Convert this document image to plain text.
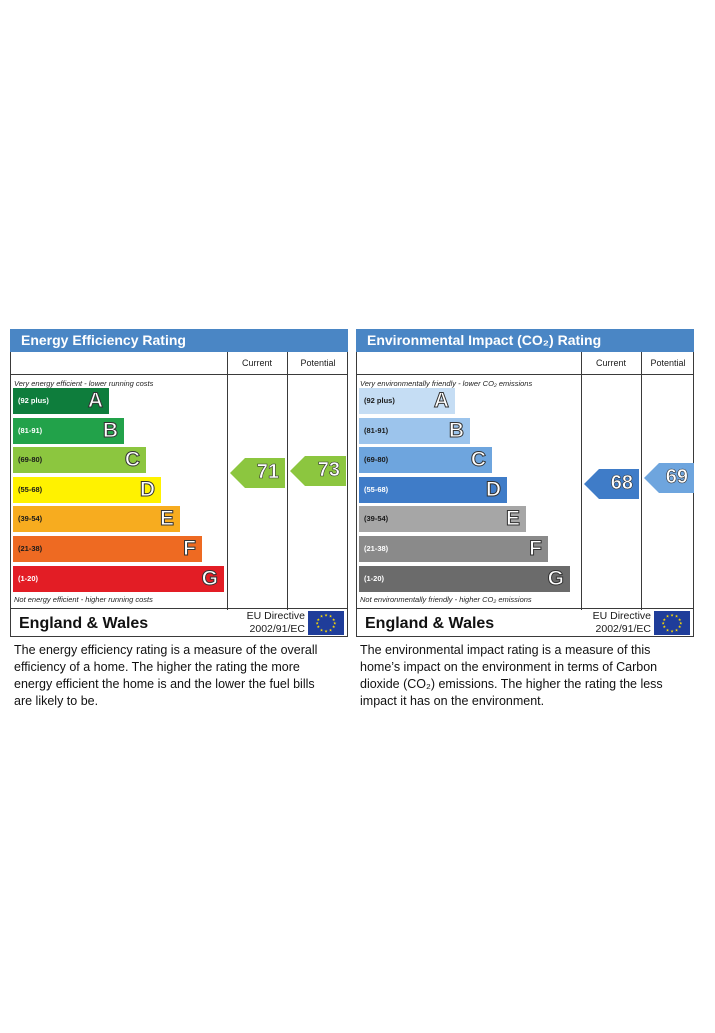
Energy Efficiency Rating
Current	Potential
Very energy efficient - lower running costs
Not energy efficient - higher running costs
(92 plus) A
(81-91)	B
(69-80)	C
(55-68)	D
(39-54)	E
(21-38)	F
(1-20)	G
71	73
England & Wales	EU Directive
2002/91/EC
★ ★
★
★
★
★
★
★
★
★
★
★
Environmental Impact (CO₂) Rating
Current	Potential
Very environmentally friendly - lower CO₂ emissions
Not environmentally friendly - higher CO₂ emissions
(92 plus) A
(81-91)	B
(69-80)	C
(55-68)	D
(39-54)	E
(21-38)	F
(1-20)	G
68	69
England & Wales	EU Directive
2002/91/EC
★ ★
★
★
★
★
★
★
★
★
★
★
The energy efficiency rating is a measure of the overall efficiency of a home. The higher the rating the more energy efficient the home is and the lower the fuel bills are likely to be.
The environmental impact rating is a measure of this home’s impact on the environment in terms of Carbon dioxide (CO₂) emissions. The higher the rating the less impact it has on the environment.
